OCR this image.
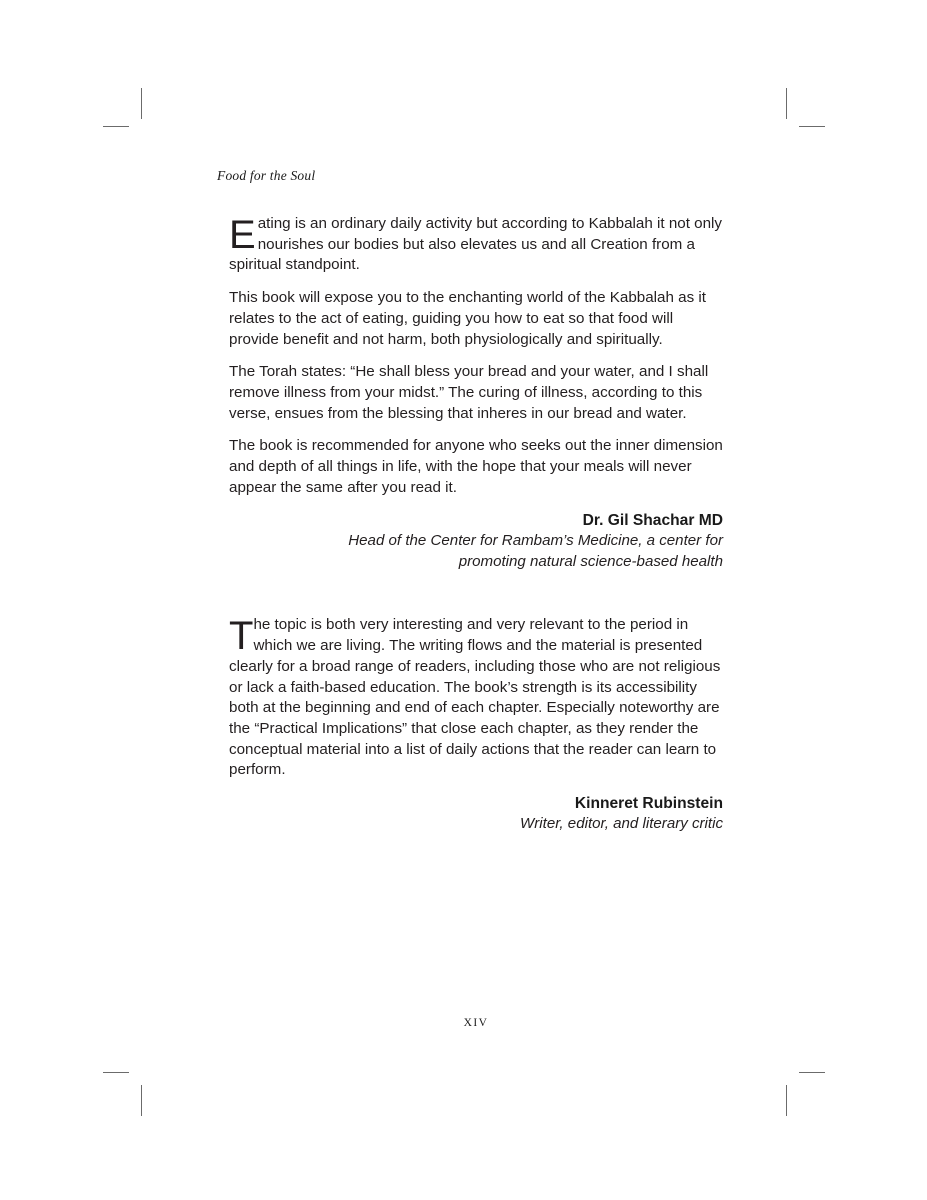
Food for the Soul

Eating is an ordinary daily activity but according to Kabbalah it not only nourishes our bodies but also elevates us and all Creation from a spiritual standpoint.

This book will expose you to the enchanting world of the Kabbalah as it relates to the act of eating, guiding you how to eat so that food will provide benefit and not harm, both physiologically and spiritually.

The Torah states: “He shall bless your bread and your water, and I shall remove illness from your midst.” The curing of illness, according to this verse, ensues from the blessing that inheres in our bread and water.

The book is recommended for anyone who seeks out the inner dimension and depth of all things in life, with the hope that your meals will never appear the same after you read it.

Dr. Gil Shachar MD
Head of the Center for Rambam’s Medicine, a center for
promoting natural science-based health

The topic is both very interesting and very relevant to the period in which we are living. The writing flows and the material is presented clearly for a broad range of readers, including those who are not religious or lack a faith-based education. The book’s strength is its accessibility both at the beginning and end of each chapter. Especially noteworthy are the “Practical Implications” that close each chapter, as they render the conceptual material into a list of daily actions that the reader can learn to perform.

Kinneret Rubinstein
Writer, editor, and literary critic
XIV
